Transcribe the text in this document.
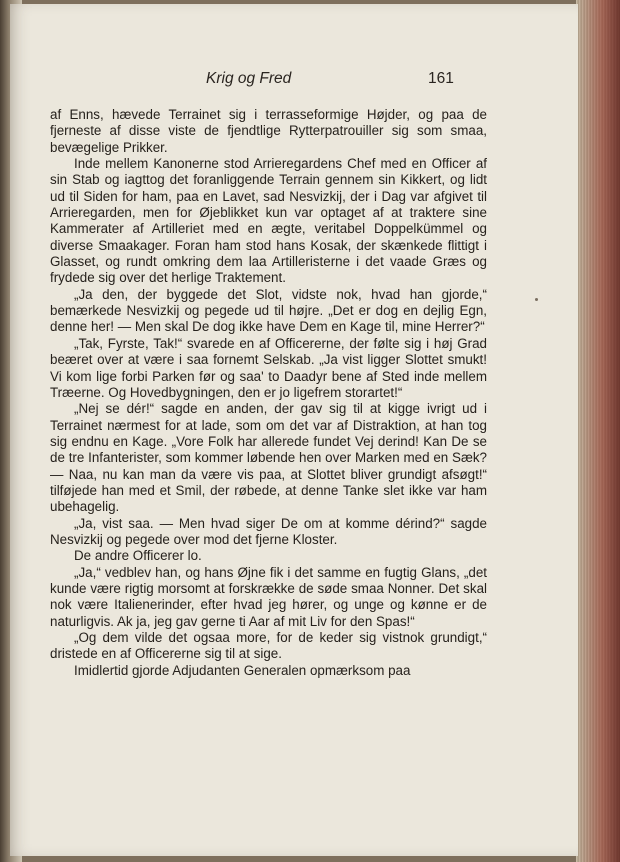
Krig og Fred	161

af Enns, hævede Terrainet sig i terrasseformige Højder, og paa de fjerneste af disse viste de fjendtlige Rytterpatrouiller sig som smaa, bevægelige Prikker.

Inde mellem Kanonerne stod Arrieregardens Chef med en Officer af sin Stab og iagttog det foranliggende Terrain gennem sin Kikkert, og lidt ud til Siden for ham, paa en Lavet, sad Nesvizkij, der i Dag var afgivet til Arrieregarden, men for Øjeblikket kun var optaget af at traktere sine Kammerater af Artilleriet med en ægte, veritabel Doppelkümmel og diverse Smaakager. Foran ham stod hans Kosak, der skænkede flittigt i Glasset, og rundt omkring dem laa Artilleristerne i det vaade Græs og frydede sig over det herlige Traktement.

„Ja den, der byggede det Slot, vidste nok, hvad han gjorde,“ bemærkede Nesvizkij og pegede ud til højre. „Det er dog en dejlig Egn, denne her! — Men skal De dog ikke have Dem en Kage til, mine Herrer?“

„Tak, Fyrste, Tak!“ svarede en af Officererne, der følte sig i høj Grad beæret over at være i saa fornemt Selskab. „Ja vist ligger Slottet smukt! Vi kom lige forbi Parken før og saa' to Daadyr bene af Sted inde mellem Træerne. Og Hovedbygningen, den er jo ligefrem storartet!“

„Nej se dér!“ sagde en anden, der gav sig til at kigge ivrigt ud i Terrainet nærmest for at lade, som om det var af Distraktion, at han tog sig endnu en Kage. „Vore Folk har allerede fundet Vej derind! Kan De se de tre Infanterister, som kommer løbende hen over Marken med en Sæk? — Naa, nu kan man da være vis paa, at Slottet bliver grundigt afsøgt!“ tilføjede han med et Smil, der røbede, at denne Tanke slet ikke var ham ubehagelig.

„Ja, vist saa. — Men hvad siger De om at komme dérind?“ sagde Nesvizkij og pegede over mod det fjerne Kloster.

De andre Officerer lo.

„Ja,“ vedblev han, og hans Øjne fik i det samme en fugtig Glans, „det kunde være rigtig morsomt at forskrække de søde smaa Nonner. Det skal nok være Italienerinder, efter hvad jeg hører, og unge og kønne er de naturligvis. Ak ja, jeg gav gerne ti Aar af mit Liv for den Spas!“

„Og dem vilde det ogsaa more, for de keder sig vistnok grundigt,“ dristede en af Officererne sig til at sige.

Imidlertid gjorde Adjudanten Generalen opmærksom paa
